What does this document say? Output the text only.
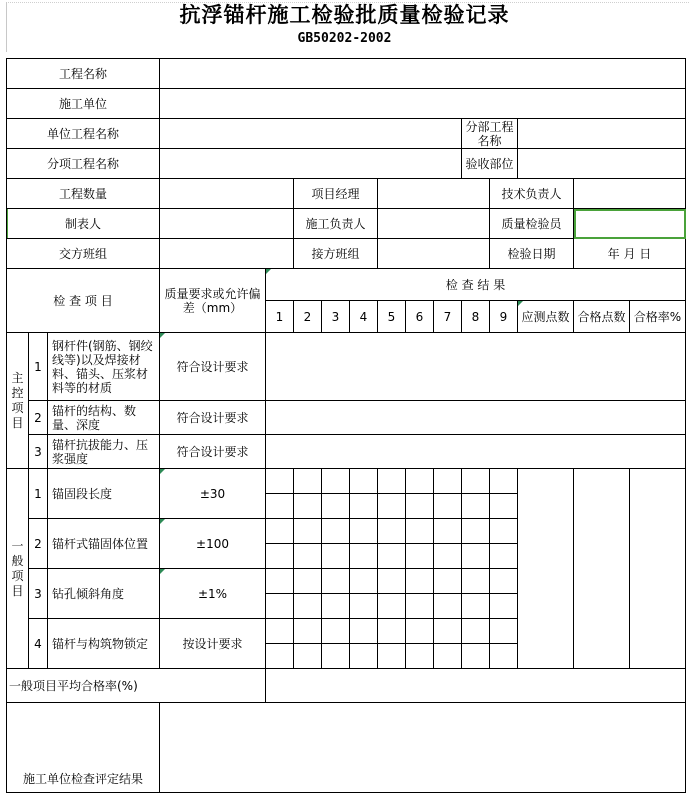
抗浮锚杆施工检验批质量检验记录
GB50202-2002
工程名称															
施工单位															
单位工程名称											分部工程名称				
分项工程名称											验收部位				
工程数量					项目经理							技术负责人			
制表人					施工负责人							质量检验员			
交方班组					接方班组							检验日期		年 月 日	
检 查 项 目			质量要求或允许偏差（mm）	检 查 结 果											
				1	2	3	4	5	6	7	8	9	应测点数	合格点数	合格率%
主控项目	1	钢杆件(钢筋、钢绞线等)以及焊接材料、锚头、压浆材料等的材质	符合设计要求												
	2	锚杆的结构、数量、深度	符合设计要求												
	3	锚杆抗拔能力、压浆强度	符合设计要求												
一般项目	1	锚固段长度	±30												

	2	锚杆式锚固体位置	±100												

	3	钻孔倾斜角度	±1%												

	4	锚杆与构筑物锁定	按设计要求												

一般项目平均合格率(%)															
施工单位检查评定结果															
